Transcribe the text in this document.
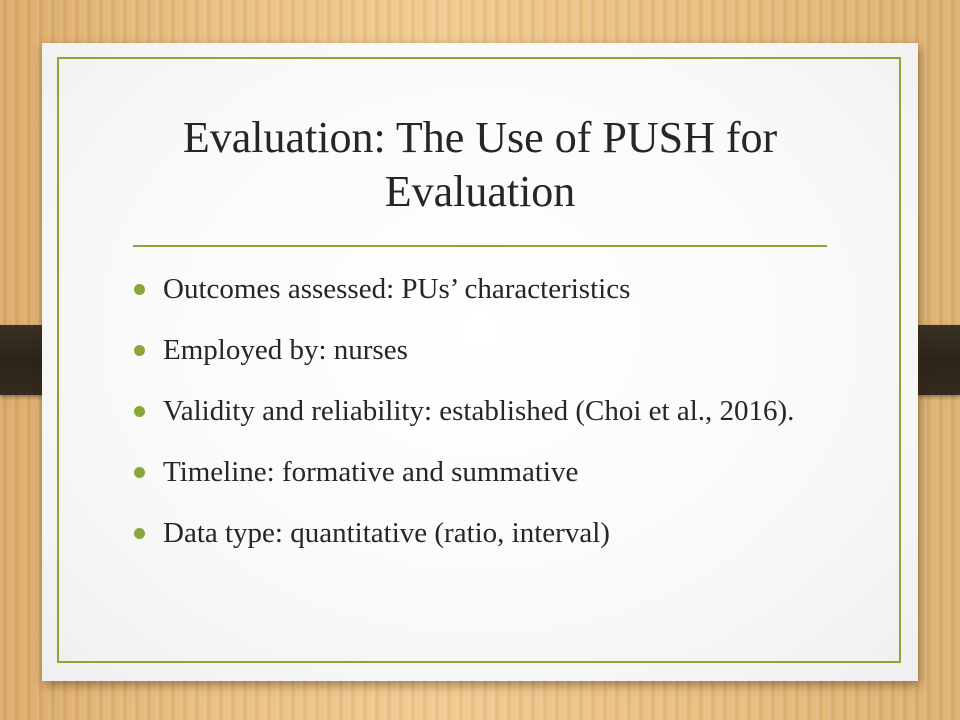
Evaluation: The Use of PUSH for Evaluation
Outcomes assessed: PUs’ characteristics
Employed by: nurses
Validity and reliability: established (Choi et al., 2016).
Timeline: formative and summative
Data type: quantitative (ratio, interval)
